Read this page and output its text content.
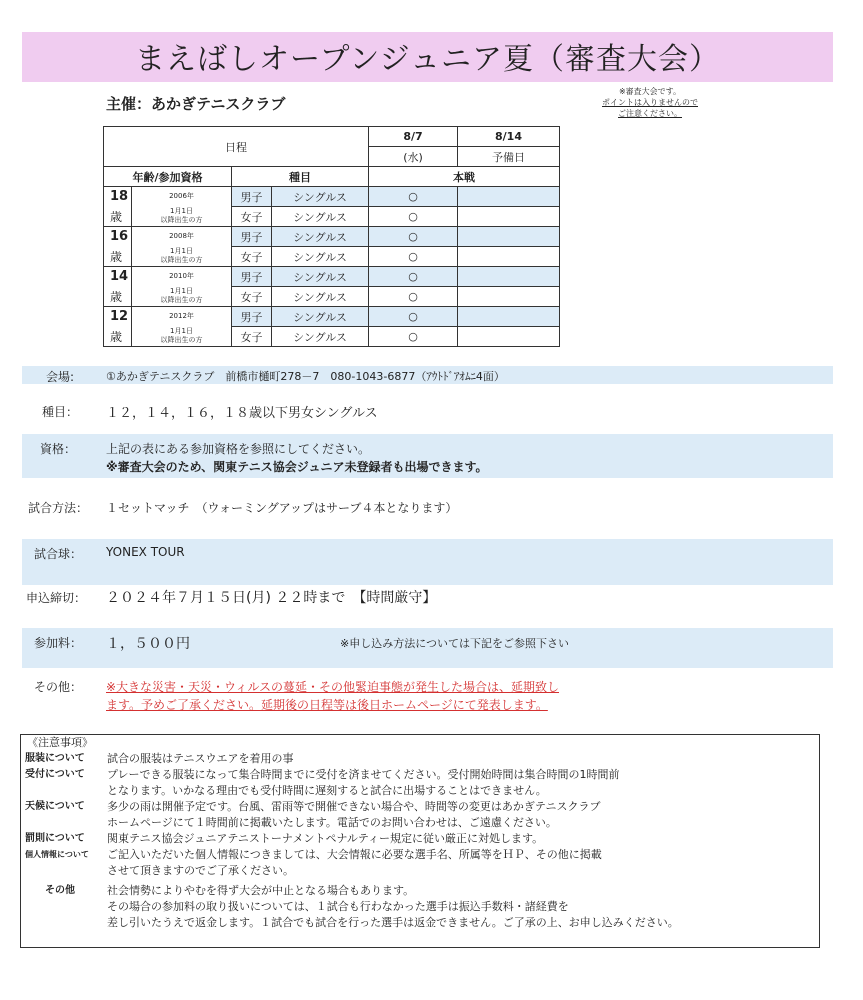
まえばしオープンジュニア夏（審査大会）
主催：あかぎテニスクラブ
※審査大会です。
ポイントは入りませんので
ご注意ください。
日程				8/7	8/14
				(水)	予備日
年齢/参加資格		種目		本戦	
18	2006年	男子	シングルス	○	
歳	1月1日
以降出生の方	女子	シングルス	○	
16	2008年	男子	シングルス	○	
歳	1月1日
以降出生の方	女子	シングルス	○	
14	2010年	男子	シングルス	○	
歳	1月1日
以降出生の方	女子	シングルス	○	
12	2012年	男子	シングルス	○	
歳	1月1日
以降出生の方	女子	シングルス	○	
会場:	①あかぎテニスクラブ　前橋市樋町278－7　080-1043-6877（ｱｳﾄﾄﾞｱｵﾑﾆ4面）
種目： １２，１４，１６，１８歳以下男女シングルス
資格： 上記の表にある参加資格を参照にしてください。
※審査大会のため、関東テニス協会ジュニア未登録者も出場できます。
試合方法： １セットマッチ　（ウォーミングアップはサーブ４本となります）
試合球： YONEX TOUR
申込締切： ２０２４年７月１５日(月) ２２時まで　【時間厳守】
参加料： １，５００円	※申し込み方法については下記をご参照下さい
その他： ※大きな災害・天災・ウィルスの蔓延・その他緊迫事態が発生した場合は、延期致し
ます。予めご了承ください。延期後の日程等は後日ホームページにて発表します。
《注意事項》
服装について	試合の服装はテニスウエアを着用の事
受付について	プレーできる服装になって集合時間までに受付を済ませてください。受付開始時間は集合時間の1時間前
となります。いかなる理由でも受付時間に遅刻すると試合に出場することはできません。
天候について	多少の雨は開催予定です。台風、雷雨等で開催できない場合や、時間等の変更はあかぎテニスクラブ
ホームページにて１時間前に掲載いたします。電話でのお問い合わせは、ご遠慮ください。
罰則について	関東テニス協会ジュニアテニストーナメントペナルティー規定に従い厳正に対処します。
個人情報について	ご記入いただいた個人情報につきましては、大会情報に必要な選手名、所属等をＨＰ、その他に掲載
させて頂きますのでご了承ください。
その他	社会情勢によりやむを得ず大会が中止となる場合もあります。
その場合の参加料の取り扱いについては、１試合も行わなかった選手は振込手数料・諸経費を
差し引いたうえで返金します。１試合でも試合を行った選手は返金できません。ご了承の上、お申し込みください。
